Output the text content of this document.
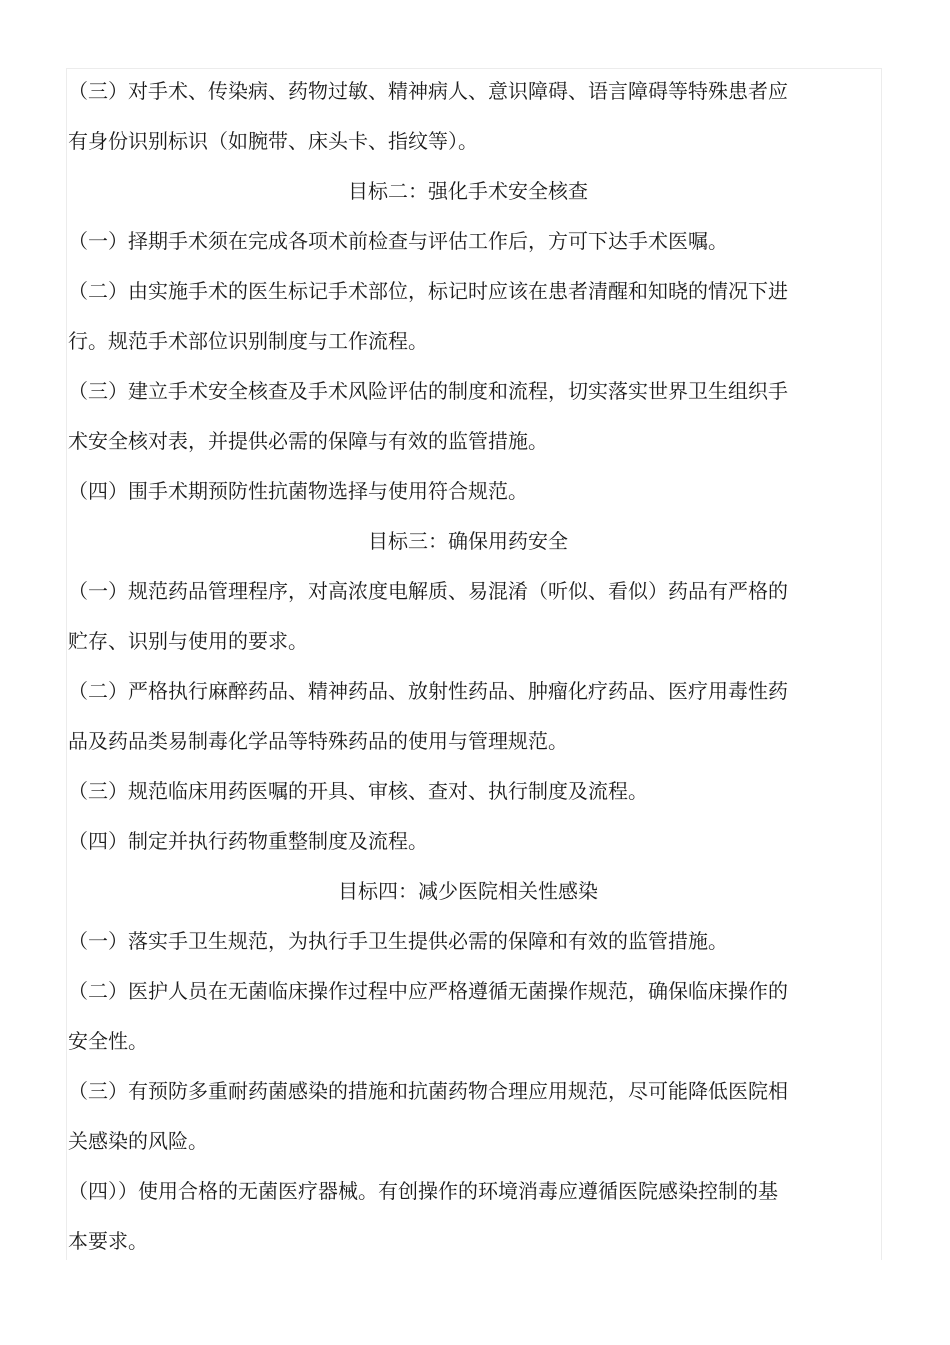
（三）对手术、传染病、药物过敏、精神病人、意识障碍、语言障碍等特殊患者应

有身份识别标识（如腕带、床头卡、指纹等）。

目标二：强化手术安全核查

（一）择期手术须在完成各项术前检查与评估工作后，方可下达手术医嘱。

（二）由实施手术的医生标记手术部位，标记时应该在患者清醒和知晓的情况下进

行。规范手术部位识别制度与工作流程。

（三）建立手术安全核查及手术风险评估的制度和流程，切实落实世界卫生组织手

术安全核对表，并提供必需的保障与有效的监管措施。

（四）围手术期预防性抗菌物选择与使用符合规范。

目标三：确保用药安全

（一）规范药品管理程序，对高浓度电解质、易混淆（听似、看似）药品有严格的

贮存、识别与使用的要求。

（二）严格执行麻醉药品、精神药品、放射性药品、肿瘤化疗药品、医疗用毒性药

品及药品类易制毒化学品等特殊药品的使用与管理规范。

（三）规范临床用药医嘱的开具、审核、查对、执行制度及流程。

（四）制定并执行药物重整制度及流程。

目标四：减少医院相关性感染

（一）落实手卫生规范，为执行手卫生提供必需的保障和有效的监管措施。

（二）医护人员在无菌临床操作过程中应严格遵循无菌操作规范，确保临床操作的

安全性。

（三）有预防多重耐药菌感染的措施和抗菌药物合理应用规范，尽可能降低医院相

关感染的风险。

（四））使用合格的无菌医疗器械。有创操作的环境消毒应遵循医院感染控制的基

本要求。
